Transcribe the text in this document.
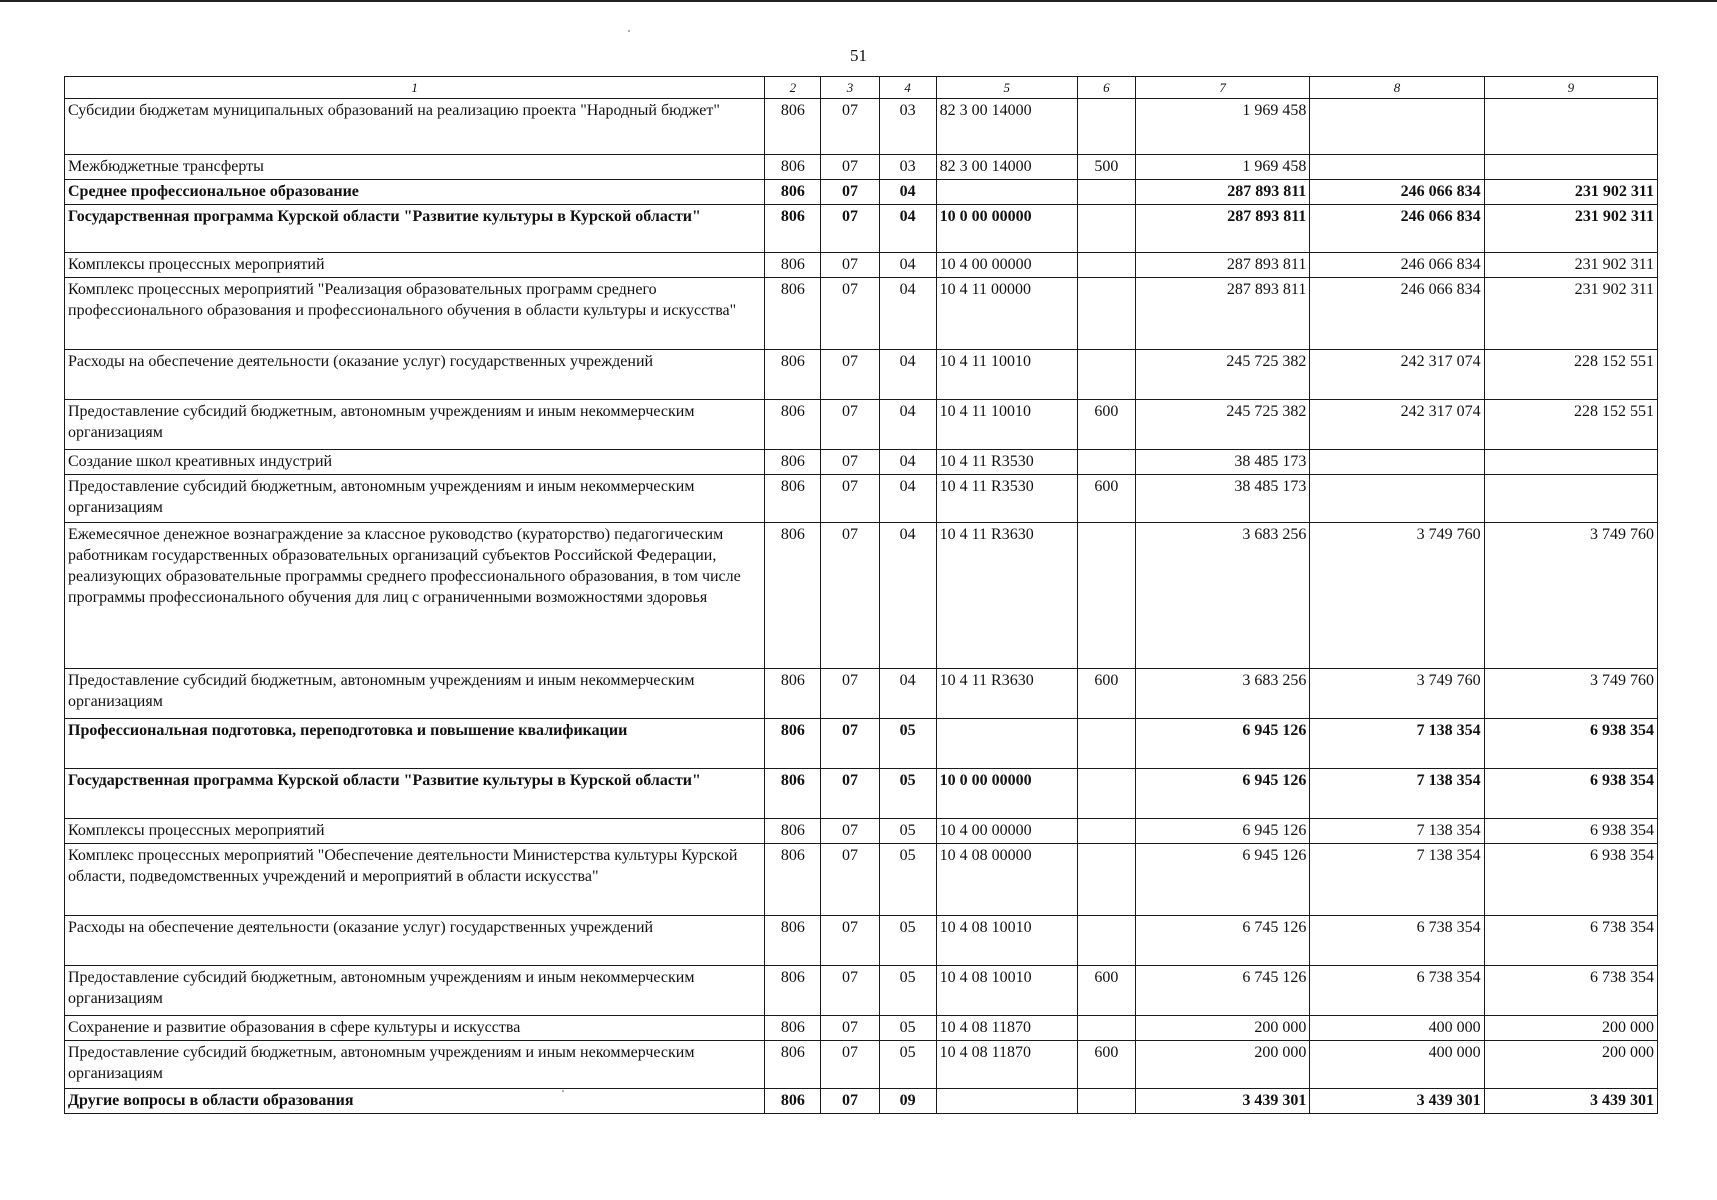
51
1	2	3	4	5	6	7	8	9
Субсидии бюджетам муниципальных образований на реализацию проекта "Народный бюджет"	806	07	03	82 3 00 14000		1 969 458		
Межбюджетные трансферты	806	07	03	82 3 00 14000	500	1 969 458		
Среднее профессиональное образование	806	07	04			287 893 811	246 066 834	231 902 311
Государственная программа Курской области "Развитие культуры в Курской области"	806	07	04	10 0 00 00000		287 893 811	246 066 834	231 902 311
Комплексы процессных мероприятий	806	07	04	10 4 00 00000		287 893 811	246 066 834	231 902 311
Комплекс процессных мероприятий "Реализация образовательных программ среднего профессионального образования и профессионального обучения в области культуры и искусства"	806	07	04	10 4 11 00000		287 893 811	246 066 834	231 902 311
Расходы на обеспечение деятельности (оказание услуг) государственных учреждений	806	07	04	10 4 11 10010		245 725 382	242 317 074	228 152 551
Предоставление субсидий бюджетным, автономным учреждениям и иным некоммерческим организациям	806	07	04	10 4 11 10010	600	245 725 382	242 317 074	228 152 551
Создание школ креативных индустрий	806	07	04	10 4 11 R3530		38 485 173		
Предоставление субсидий бюджетным, автономным учреждениям и иным некоммерческим организациям	806	07	04	10 4 11 R3530	600	38 485 173		
Ежемесячное денежное вознаграждение за классное руководство (кураторство) педагогическим работникам государственных образовательных организаций субъектов Российской Федерации, реализующих образовательные программы среднего профессионального образования, в том числе программы профессионального обучения для лиц с ограниченными возможностями здоровья	806	07	04	10 4 11 R3630		3 683 256	3 749 760	3 749 760
Предоставление субсидий бюджетным, автономным учреждениям и иным некоммерческим организациям	806	07	04	10 4 11 R3630	600	3 683 256	3 749 760	3 749 760
Профессиональная подготовка, переподготовка и повышение квалификации	806	07	05			6 945 126	7 138 354	6 938 354
Государственная программа Курской области "Развитие культуры в Курской области"	806	07	05	10 0 00 00000		6 945 126	7 138 354	6 938 354
Комплексы процессных мероприятий	806	07	05	10 4 00 00000		6 945 126	7 138 354	6 938 354
Комплекс процессных мероприятий "Обеспечение деятельности Министерства культуры Курской области, подведомственных учреждений и мероприятий в области искусства"	806	07	05	10 4 08 00000		6 945 126	7 138 354	6 938 354
Расходы на обеспечение деятельности (оказание услуг) государственных учреждений	806	07	05	10 4 08 10010		6 745 126	6 738 354	6 738 354
Предоставление субсидий бюджетным, автономным учреждениям и иным некоммерческим организациям	806	07	05	10 4 08 10010	600	6 745 126	6 738 354	6 738 354
Сохранение и развитие образования в сфере культуры и искусства	806	07	05	10 4 08 11870		200 000	400 000	200 000
Предоставление субсидий бюджетным, автономным учреждениям и иным некоммерческим организациям	806	07	05	10 4 08 11870	600	200 000	400 000	200 000
Другие вопросы в области образования	806	07	09			3 439 301	3 439 301	3 439 301
